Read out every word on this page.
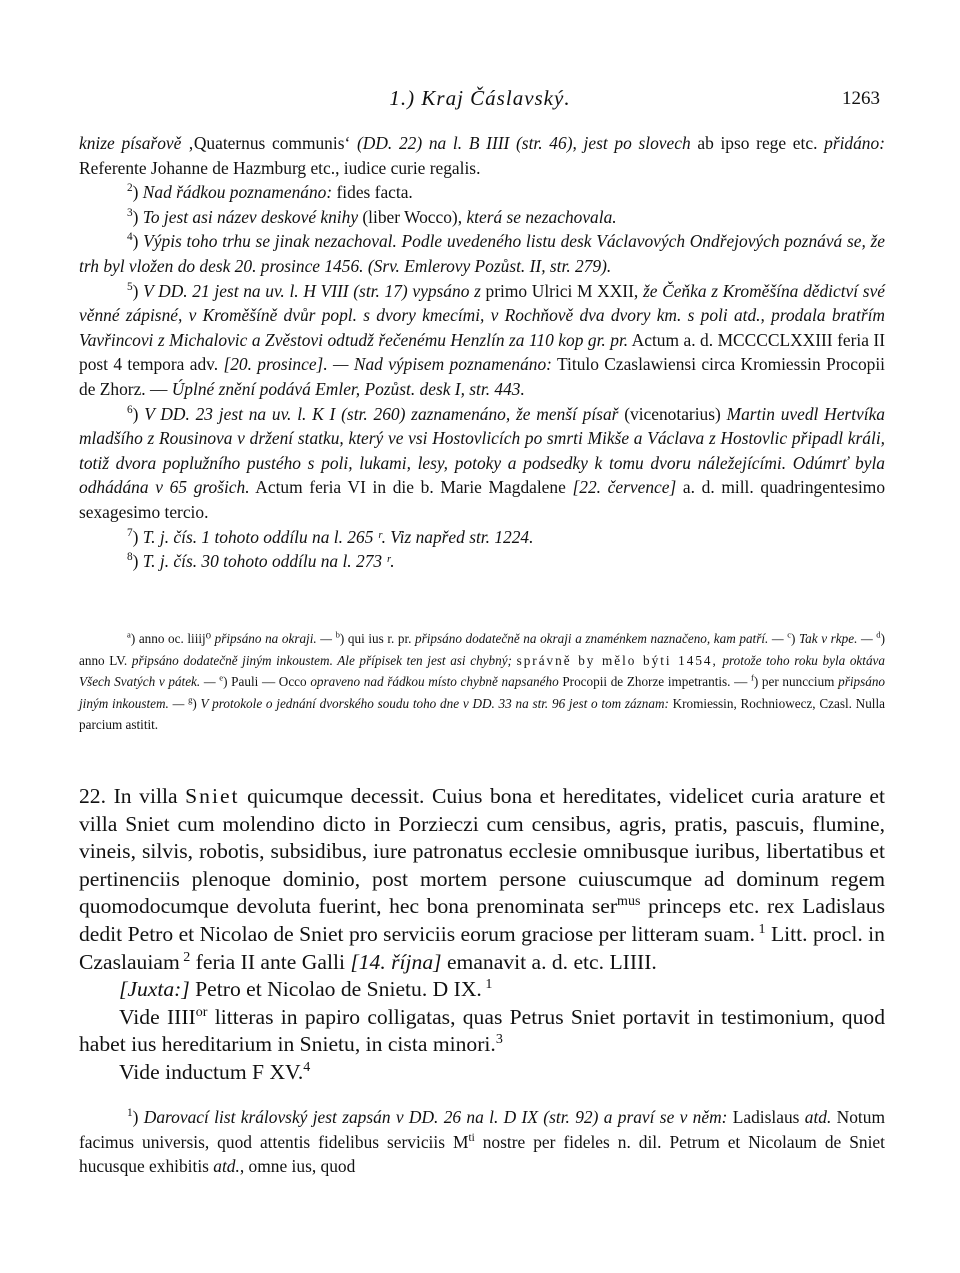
1.) Kraj Čáslavský.	1263

knize písařově ‚Quaternus communis‘ (DD. 22) na l. B IIII (str. 46), jest po slovech ab ipso rege etc. přidáno: Referente Johanne de Hazmburg etc., iudice curie regalis.

$^2$) Nad řádkou poznamenáno: fides facta.

$^3$) To jest asi název deskové knihy (liber Wocco), která se nezachovala.

$^4$) Výpis toho trhu se jinak nezachoval. Podle uvedeného listu desk Václavových Ondřejových poznává se, že trh byl vložen do desk 20. prosince 1456. (Srv. Emlerovy Pozůst. II, str. 279).

$^5$) V DD. 21 jest na uv. l. H VIII (str. 17) vypsáno z primo Ulrici M XXII, že Čeňka z Kroměšína dědictví své věnné zápisné, v Kroměšíně dvůr popl. s dvory kmecími, v Rochňově dva dvory km. s poli atd., prodala bratřím Vavřincovi z Michalovic a Zvěstovi odtudž řečenému Henzlín za 110 kop gr. pr. Actum a. d. MCCCCLXXIII feria II post 4 tempora adv. [20. prosince]. — Nad výpisem poznamenáno: Titulo Czaslawiensi circa Kromiessin Procopii de Zhorz. — Úplné znění podává Emler, Pozůst. desk I, str. 443.

$^6$) V DD. 23 jest na uv. l. K I (str. 260) zaznamenáno, že menší písař (vicenotarius) Martin uvedl Hertvíka mladšího z Rousinova v držení statku, který ve vsi Hostovlicích po smrti Mikše a Václava z Hostovlic připadl králi, totiž dvora poplužního pustého s poli, lukami, lesy, potoky a podsedky k tomu dvoru náležejícími. Odúmrť byla odhádána v 65 grošich. Actum feria VI in die b. Marie Magdalene [22. července] a. d. mill. quadringentesimo sexagesimo tercio.

$^7$) T. j. čís. 1 tohoto oddílu na l. 265 ʳ. Viz napřed str. 1224.

$^8$) T. j. čís. 30 tohoto oddílu na l. 273 ʳ.

$^a$) anno oc. liiij⁰ připsáno na okraji. — $^b$) qui ius r. pr. připsáno dodatečně na okraji a znaménkem naznačeno, kam patří. — $^c$) Tak v rkpe. — $^d$) anno LV. připsáno dodatečně jiným inkoustem. Ale přípisek ten jest asi chybný; správně by mělo býti 1454, protože toho roku byla oktáva Všech Svatých v pátek. — $^e$) Pauli — Occo opraveno nad řádkou místo chybně napsaného Procopii de Zhorze impetrantis. — $^f$) per nunccium připsáno jiným inkoustem. — $^g$) V protokole o jednání dvorského soudu toho dne v DD. 33 na str. 96 jest o tom záznam: Kromiessin, Rochniowecz, Czasl. Nulla parcium astitit.

22. In villa Sniet quicumque decessit. Cuius bona et hereditates, videlicet curia arature et villa Sniet cum molendino dicto in Porzieczi cum censibus, agris, pratis, pascuis, flumine, vineis, silvis, robotis, subsidibus, iure patronatus ecclesie omnibusque iuribus, libertatibus et pertinenciis plenoque dominio, post mortem persone cuiuscumque ad dominum regem quomodocumque devoluta fuerint, hec bona prenominata ser$^{mus}$ princeps etc. rex Ladislaus dedit Petro et Nicolao de Sniet pro serviciis eorum graciose per litteram suam. $^1$ Litt. procl. in Czaslauiam $^2$ feria II ante Galli [14. října] emanavit a. d. etc. LIIII.

[Juxta:] Petro et Nicolao de Snietu. D IX. $^1$

Vide $IIII^{or}$ litteras in papiro colligatas, quas Petrus Sniet portavit in testimonium, quod habet ius hereditarium in Snietu, in cista minori.$^3$

Vide inductum F XV.$^4$

$^1$) Darovací list královský jest zapsán v DD. 26 na l. D IX (str. 92) a praví se v něm: Ladislaus atd. Notum facimus universis, quod attentis fidelibus serviciis $M^{ti}$ nostre per fideles n. dil. Petrum et Nicolaum de Sniet hucusque exhibitis atd., omne ius, quod
